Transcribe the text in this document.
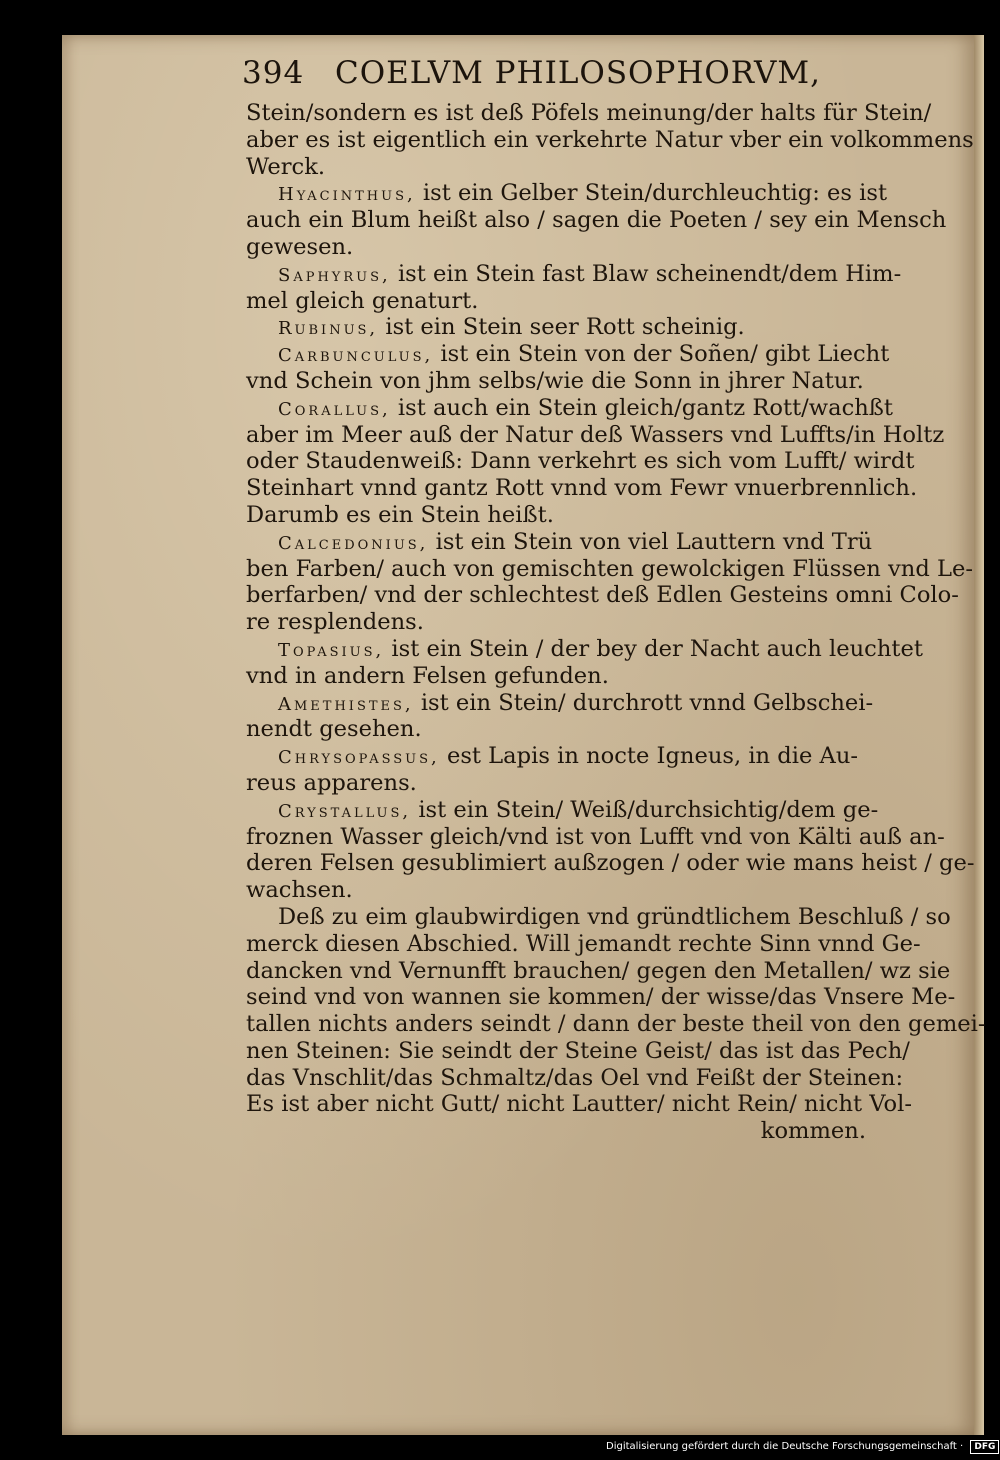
394 COELVM PHILOSOPHORVM,
Stein/sondern es ist deß Pöfels meinung/der halts für Stein/
aber es ist eigentlich ein verkehrte Natur vber ein volkommens
Werck.
Hyacinthus, ist ein Gelber Stein/durchleuchtig: es ist
auch ein Blum heißt also / sagen die Poeten / sey ein Mensch
gewesen.
Saphyrus, ist ein Stein fast Blaw scheinendt/dem Him-
mel gleich genaturt.
Rubinus, ist ein Stein seer Rott scheinig.
Carbunculus, ist ein Stein von der Soñen/ gibt Liecht
vnd Schein von jhm selbs/wie die Sonn in jhrer Natur.
Corallus, ist auch ein Stein gleich/gantz Rott/wachßt
aber im Meer auß der Natur deß Wassers vnd Luffts/in Holtz
oder Staudenweiß: Dann verkehrt es sich vom Lufft/ wirdt
Steinhart vnnd gantz Rott vnnd vom Fewr vnuerbrennlich.
Darumb es ein Stein heißt.
Calcedonius, ist ein Stein von viel Lauttern vnd Trü
ben Farben/ auch von gemischten gewolckigen Flüssen vnd Le-
berfarben/ vnd der schlechtest deß Edlen Gesteins omni Colo-
re resplendens.
Topasius, ist ein Stein / der bey der Nacht auch leuchtet
vnd in andern Felsen gefunden.
Amethistes, ist ein Stein/ durchrott vnnd Gelbschei-
nendt gesehen.
Chrysopassus, est Lapis in nocte Igneus, in die Au-
reus apparens.
Crystallus, ist ein Stein/ Weiß/durchsichtig/dem ge-
froznen Wasser gleich/vnd ist von Lufft vnd von Kälti auß an-
deren Felsen gesublimiert außzogen / oder wie mans heist / ge-
wachsen.
Deß zu eim glaubwirdigen vnd gründtlichem Beschluß / so
merck diesen Abschied. Will jemandt rechte Sinn vnnd Ge-
dancken vnd Vernunfft brauchen/ gegen den Metallen/ wz sie
seind vnd von wannen sie kommen/ der wisse/das Vnsere Me-
tallen nichts anders seindt / dann der beste theil von den gemei-
nen Steinen: Sie seindt der Steine Geist/ das ist das Pech/
das Vnschlit/das Schmaltz/das Oel vnd Feißt der Steinen:
Es ist aber nicht Gutt/ nicht Lautter/ nicht Rein/ nicht Vol-
kommen.
Digitalisierung gefördert durch die Deutsche Forschungsgemeinschaft · DFG
